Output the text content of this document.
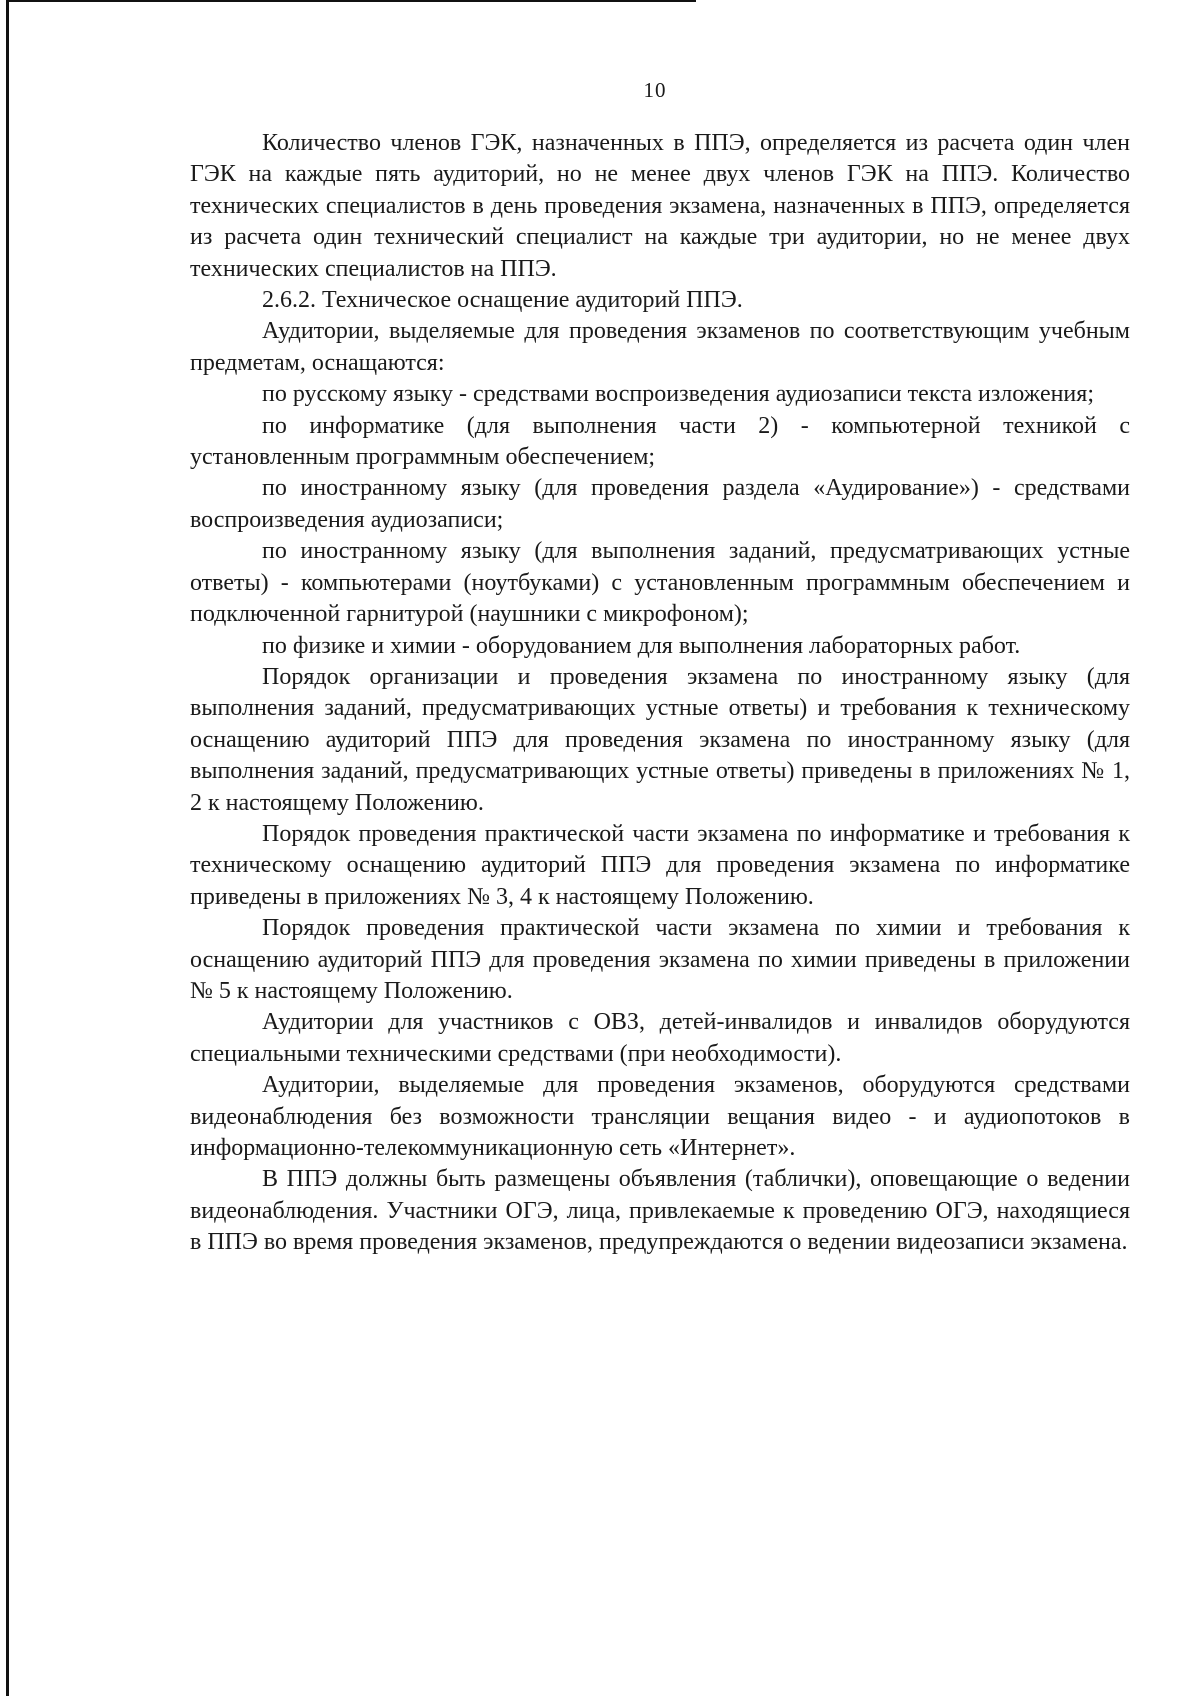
10

Количество членов ГЭК, назначенных в ППЭ, определяется из расчета один член ГЭК на каждые пять аудиторий, но не менее двух членов ГЭК на ППЭ. Количество технических специалистов в день проведения экзамена, назначенных в ППЭ, определяется из расчета один технический специалист на каждые три аудитории, но не менее двух технических специалистов на ППЭ.

2.6.2. Техническое оснащение аудиторий ППЭ.

Аудитории, выделяемые для проведения экзаменов по соответствующим учебным предметам, оснащаются:

по русскому языку - средствами воспроизведения аудиозаписи текста изложения;

по информатике (для выполнения части 2) - компьютерной техникой с установленным программным обеспечением;

по иностранному языку (для проведения раздела «Аудирование») - средствами воспроизведения аудиозаписи;

по иностранному языку (для выполнения заданий, предусматривающих устные ответы) - компьютерами (ноутбуками) с установленным программным обеспечением и подключенной гарнитурой (наушники с микрофоном);

по физике и химии - оборудованием для выполнения лабораторных работ.

Порядок организации и проведения экзамена по иностранному языку (для выполнения заданий, предусматривающих устные ответы) и требования к техническому оснащению аудиторий ППЭ для проведения экзамена по иностранному языку (для выполнения заданий, предусматривающих устные ответы) приведены в приложениях № 1, 2 к настоящему Положению.

Порядок проведения практической части экзамена по информатике и требования к техническому оснащению аудиторий ППЭ для проведения экзамена по информатике приведены в приложениях № 3, 4 к настоящему Положению.

Порядок проведения практической части экзамена по химии и требования к оснащению аудиторий ППЭ для проведения экзамена по химии приведены в приложении № 5 к настоящему Положению.

Аудитории для участников с ОВЗ, детей-инвалидов и инвалидов оборудуются специальными техническими средствами (при необходимости).

Аудитории, выделяемые для проведения экзаменов, оборудуются средствами видеонаблюдения без возможности трансляции вещания видео - и аудиопотоков в информационно-телекоммуникационную сеть «Интернет».

В ППЭ должны быть размещены объявления (таблички), оповещающие о ведении видеонаблюдения. Участники ОГЭ, лица, привлекаемые к проведению ОГЭ, находящиеся в ППЭ во время проведения экзаменов, предупреждаются о ведении видеозаписи экзамена.
